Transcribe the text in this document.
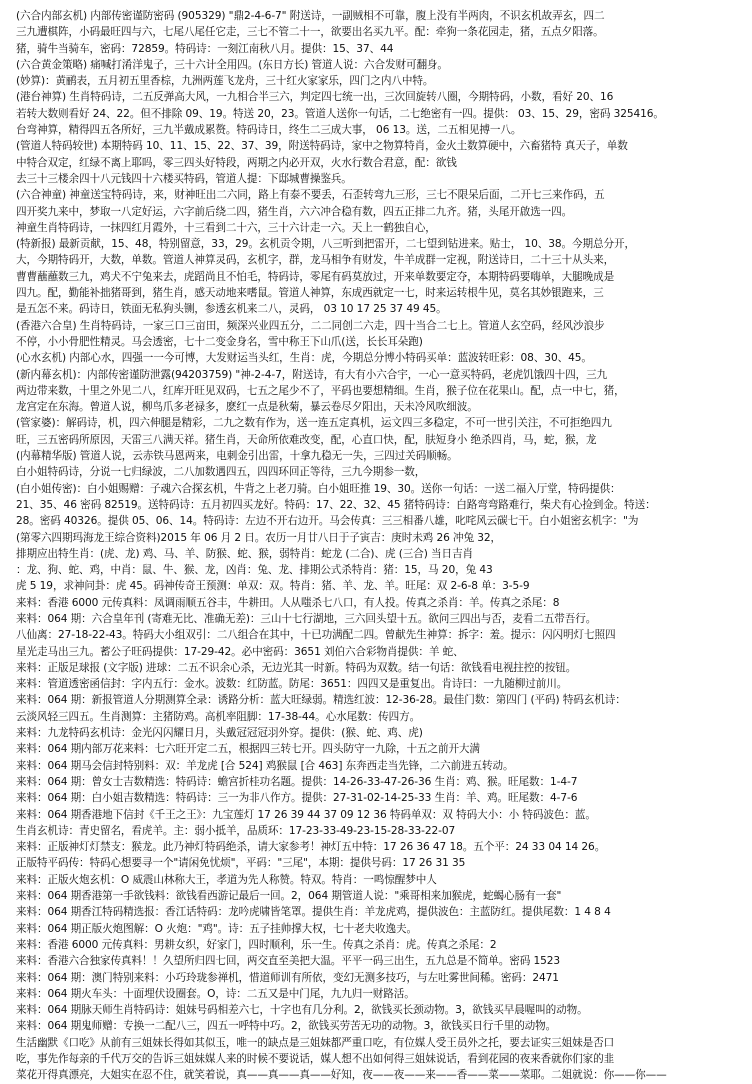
(六合内部玄机) 内部传密谨防密码 (905329) "鼎2-4-6-7" 附送诗，一副贼相不可靠，腹上没有半两肉，不识玄机故弄玄，四二
三九遭棋阵，小码最旺四与六，七尾八尾任它走，三七不管二十一，欲要出名买九平。配：牵狗一条花园走，猪，五点夕阳落。
猪，骑牛当骑车，密码：72859。特码诗：一刻江南秋八月。提供：15、37、44
(六合黄金策略) 痛喊打淆洋鬼子，三十六计全用四。(东日方长) 管道人说：六合发财可翻身。
(妙算)：黄鹂表，五月初五里香棕，九洲两莲飞龙舟，三十红火家家乐，四门之内八中特。
(港台神算) 生肖特码诗，二五反弹高大风，一九相合半三六，判定四七统一出，三次回旋转八圈，今期特码，小数，看好 20、16
若转大数则看好 24、22。但不排除 09、19。特送 20，23。管道人送你一句话，二七绝密有一四。提供： 03、15、29，密码 325416。
台弯神算，精得四五各所好，三九半戴成累赘。特码诗日，终生二三成大事， 06 13。送，二五相见搏一八。
(管道人特码较世) 本期特码 10、11、15、22、37、39，附送特码诗，家中之物算特肖，金火土数算硬中，六畜猪特 真天子，单数
中特合双定，红绿不离上耶吗，零三四头好特段，两期之内必开双，火水行数合君意，配：欲钱
去三十三楼余四十八元钱四十六楼买特码，管道人提：下邸城曹操鉴兵。
(六合神童) 神童送宝特码诗，来，财神旺出二六同，路上有泰不要丢，石歪转弯九三形，三七不限呆后面，二开七三来作码，五
四开奖九来中，梦取一八定好运，六字前后绕二四，猪生肖，六六冲合稳有数，四五正排二九齐。猪，头尾开啟选一四。
神童生肖特码诗，一抹四红月霞外，十三看到二十六，三十六计走一六。天上一鹤独自心，
(特新报) 最新贡献，15、48，特别留意，33，29。玄机贡令期，八三听到把雷开，二七望到钻进来。贴士， 10、38。今期总分开，
大，今期特码开，大数，单数。管道人神算灵码，玄机字，群，龙马相争有财发，牛羊成群一定视，附送诗日，二十三十从头来，
曹曹蘸蘸数三九，鸡犬不宁兔来去，虎蹈尚且不怕毛，特码诗，零尾有码莫放过，开来单数要定夺，本期特码要嗨单，大腿晚成是
四九。配，勤能补拙猪哥到，猪生肖，感天动地来嗜鼠。管道人神算，东成西就定一七，时来运转根牛见，莫名其妙银跑来，三
是五怎不来。码诗日，铁面无私狗头铡，参透玄机来二八，灵码， 03 10 17 25 37 49 45。
(香港六合皇) 生肖特码诗，一家三口三亩田，频深兴业四五分，二二同创二六走，四十当合二七上。管道人玄空码，经风沙浪步
不停，小小骨肥性精灵。马会透密，七十二变金身名，雪中称王下山爪(送，长长耳朵跑)
(心水玄机) 内部心水，四强一一今可博，大发财运当头红，生肖：虎，今期总分博小特码买单：蓝波转旺彩：08、30、45。
(新内幕玄机)：内部传密谨防泄露(94203759) "神-2-4-7，附送诗，有大有小六合宇，一心一意买特码，老虎饥饿四十四，三九
两边带来数，十里之外见二八，红库开旺见双码，七五之尾少不了，平码也要想精细。生肖，猴子位在花果山。配，点一中七，猪，
龙宫定在东海。曾道人说，柳鸟爪多老禄多，麽红一点是秋菊，暴云卷尽夕阳出，天未冷风吹细波。
(管家婆)：解码诗，机，四六伸腿是精彩，二九之数有作为，送一连五定真机，运文四三多稳定，不可一世引关注，不可拒绝四九
旺，三五密码所原因，天雷三八满天祥。猪生肖，天命所依难改变，配，心直口快，配，肤短身小 绝杀四肖，马，蛇，猴，龙
(内幕精华版) 管道人说，云赤铁马恩两来，电刺金引出雷，十拿九稳无一失，三四过关码顺畅。
白小姐特码诗，分说一七归绿波，二八加数遇四五，四四环回正等待，三九今期参一数，
(白小姐传密)：白小姐赐赠：子魂六合探玄机，牛背之上老刀骑。白小姐旺推 19、30。送你一句话：一送二福入厅堂，特码提供：
21、35、46 密码 82519。送特码诗：五月初四买龙好。特码：17、22、32、45 猪特码诗：白路弯弯路难行，柴犬有心捡到金。特送：
28。密码 40326。提供 05、06、14。特码诗：左边不开右边开。马会传真：三三相番八雄，叱咤风云碳七干。白小姐密玄机字："为
(第零六四期玛海龙王综合资料)2015 年 06 月 2 日。农历一月廿八日于子寅吉：庚时未鸡 26 冲兔 32，
排期应出特生肖：(虎、龙) 鸡、马、羊、防猴、蛇、猴，弱特肖：蛇龙 (二合)、虎 (三合) 当日吉肖
：龙、狗、蛇、鸡，中肖：鼠、牛、猴、龙，凶肖：兔、龙、排期公式杀特肖：猪：15，马 20，兔 43
虎 5 19，求神问卦：虎 45。码神传奇王预测：单双：双。特肖：猪、羊、龙、羊。旺尾：双 2-6-8 单：3-5-9
来料：香港 6000 元传真料：凤调雨顺五谷丰，牛耕田。人从嗤杀七八口，有人投。传真之杀肖：羊。传真之杀尾：8
来料：064 期：六合皇年刊 (寄难无比、准确无差)：三山十七行湖地，三六回头望十五。欲问三四出与否，麦看二五带吾行。
八仙离：27-18-22-43。特码大小组双引：二八组合在其中，十已功满配二四。曾献先生神算：拆字：羞。提示：闪闪明灯七照四
星光走马出三九。蓄公子旺码提供：17-29-42。必中密码：3651 刘伯六合彩物肖提供：羊 蛇、
来料：正版足球报 (文字版) 进球：二五不识余心杀，无边光其一时新。特码为双数。结一句话：欲钱看电视拄控的按钮。
来料：管道透密函信封：字内五行：金水。波数：红防蓝。防尾：3651：四四又是重复出。肯诗曰：一九随柳过前川。
来料：064 期：新报管道人分期测算全录：诱路分析：蓝大旺绿弱。精选红波：12-36-28。最佳门数：第四门 (平码) 特码玄机诗：
云淡风轻三四五。生肖测算：主猪防鸡。高机率阻脚：17-38-44。心水尾数：传四方。
来料：九龙特码玄机诗：金光闪闪耀日月，头戴冠冠冠羽外穿。提供：(猴、蛇、鸡、虎)
来料：064 期内部万花来料：七六旺开定二五，根据四三转七开。四头防守一九除，十五之前开大满
来料：064 期马会信封特别料：双：羊龙虎 [合 524] 鸡猴鼠 [合 463] 东奔西走当先锋，二六前进五转动。
来料：064 期：曾女士吉数精选：特码诗：蟾宫折桂功名题。提供：14-26-33-47-26-36 生肖：鸡、猴。旺尾数：1-4-7
来料：064 期：白小姐吉数精选：特码诗：三一为非八作方。提供：27-31-02-14-25-33 生肖：羊、鸡。旺尾数：4-7-6
来料：064 期香港地下信封《千王之王》：九宝莲灯 17 26 39 44 37 09 12 36 特码单双：双 特码大小：小 特码波色：蓝。
生肖玄机诗：青史留名，看虎羊。主：弱小抵羊，品质环：17-23-33-49-23-15-28-33-22-07
来料：正版神灯灯禁支：猴龙。此乃神灯特码绝杀，请大家参考！神灯五中特：17 26 36 47 18。五个平：24 33 04 14 26。
正版特平码传：特码心想要寻一个"请闲免忧烦"，平码："三尾"，本期：提供号码：17 26 31 35
来料：正版火炮玄机：O 威震山林称大王，孝道为先人称赞。特双。特肖：一鸣惊醒梦中人
来料：064 期香港第一手欲钱料：欲钱看西游记最后一回。2，064 期管道人说："乘哥相来加猴虎，蛇蝎心肠有一套"
来料：064 期香江特码精选报：香江话特码：龙吟虎啸皆笔罩。提供生肖：羊龙虎鸡，提供波色：主蓝防红。提供尾数：1 4 8 4
来料：064 期正版火炮图解：O 火炮："鸡"。诗：五子挂帅撑大权，七十老夫收逸夫。
来料：香港 6000 元传真料：男耕女织，好家门，四时顺利，乐一生。传真之杀肖：虎。传真之杀尾：2
来料：香港六合独家传真料！！久望所归四七回，两交直至美把大温。平平一码三出生，五九总是不简单。密码 1523
来料：064 期：澳门特别来料：小巧玲珑参禅机，惜道师训有所依，变幻无测多技巧，与左吐雾世间稀。密码：2471
来料：064 期火车头：十面埋伏设圈套。O，诗：二五又是中门尾，九九归一财路活。
来料：064 期脉天师生肖特码诗：姐妹号码相差六七，十字也有几分利。2，欲钱买长颈动物。3，欲钱买早晨喔叫的动物。
来料：064 期鬼师赠：专换一二配八三，四五一呼特中巧。2，欲钱买劳苦无功的动物。3，欲钱买日行千里的动物。
生活幽默《口吃》从前有三姐妹长得如其似玉，唯一的缺点是三姐妹都严重口吃，有位媒人受王员外之托，要去证实三姐妹是否口
吃，事先作每亲的千代万交的告诉三姐妹媒人来的时候不要说话，媒人想不出如何得三姐妹说话，看到花园的夜来香就你们家的韭
菜花开得真漂亮，大姐实在忍不住，就笑着说，真——真——真——好知，夜——夜——来——香——菜——菜耶。二姐就说：你——你——
